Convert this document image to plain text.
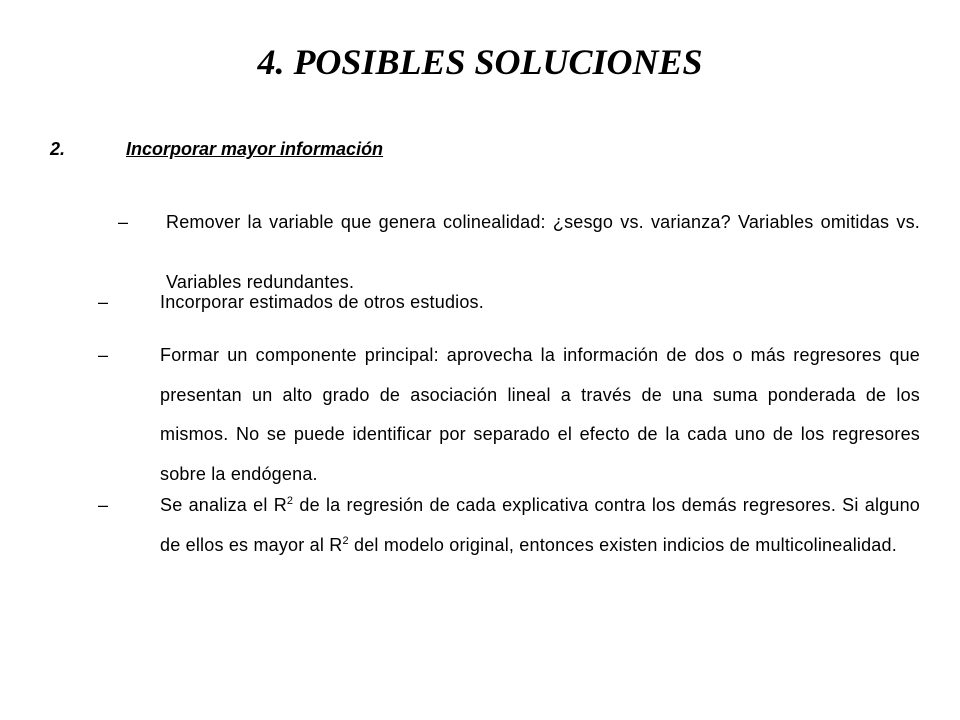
4. POSIBLES SOLUCIONES
2.	Incorporar mayor información
– Remover la variable que genera colinealidad: ¿sesgo vs. varianza? Variables omitidas vs. Variables redundantes.
–	Incorporar estimados de otros estudios.
–	Formar un componente principal: aprovecha la información de dos o más regresores que presentan un alto grado de asociación lineal a través de una suma ponderada de los mismos. No se puede identificar por separado el efecto de la cada uno de los regresores sobre la endógena.
–	Se analiza el $R^2$ de la regresión de cada explicativa contra los demás regresores. Si alguno de ellos es mayor al $R^2$ del modelo original, entonces existen indicios de multicolinealidad.
